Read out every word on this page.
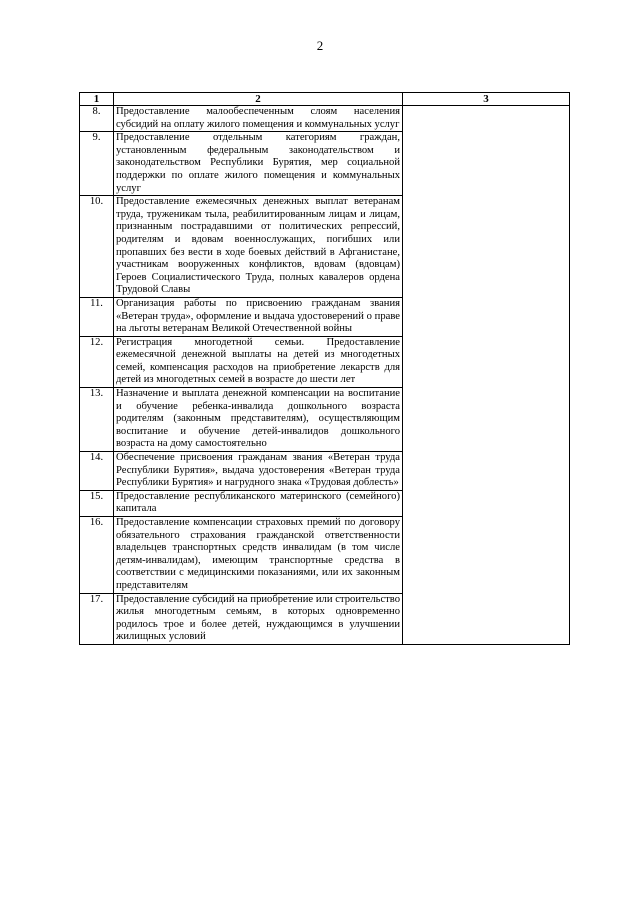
2
1	2	3
8.	Предоставление малообеспеченным слоям населения субсидий на оплату жилого помещения и коммунальных услуг	
9.	Предоставление отдельным категориям граждан, установленным федеральным законодательством и законодательством Республики Бурятия, мер социальной поддержки по оплате жилого помещения и коммунальных услуг	
10.	Предоставление ежемесячных денежных выплат ветеранам труда, труженикам тыла, реабилитированным лицам и лицам, признанным пострадавшими от политических репрессий, родителям и вдовам военнослужащих, погибших или пропавших без вести в ходе боевых действий в Афганистане, участникам вооруженных конфликтов, вдовам (вдовцам) Героев Социалистического Труда, полных кавалеров ордена Трудовой Славы	
11.	Организация работы по присвоению гражданам звания «Ветеран труда», оформление и выдача удостоверений о праве на льготы ветеранам Великой Отечественной войны	
12.	Регистрация многодетной семьи. Предоставление ежемесячной денежной выплаты на детей из многодетных семей, компенсация расходов на приобретение лекарств для детей из многодетных семей в возрасте до шести лет	
13.	Назначение и выплата денежной компенсации на воспитание и обучение ребенка-инвалида дошкольного возраста родителям (законным представителям), осуществляющим воспитание и обучение детей-инвалидов дошкольного возраста на дому самостоятельно	
14.	Обеспечение присвоения гражданам звания «Ветеран труда Республики Бурятия», выдача удостоверения «Ветеран труда Республики Бурятия» и нагрудного знака «Трудовая доблесть»	
15.	Предоставление республиканского материнского (семейного) капитала	
16.	Предоставление компенсации страховых премий по договору обязательного страхования гражданской ответственности владельцев транспортных средств инвалидам (в том числе детям-инвалидам), имеющим транспортные средства в соответствии с медицинскими показаниями, или их законным представителям	
17.	Предоставление субсидий на приобретение или строительство жилья многодетным семьям, в которых одновременно родилось трое и более детей, нуждающимся в улучшении жилищных условий	
